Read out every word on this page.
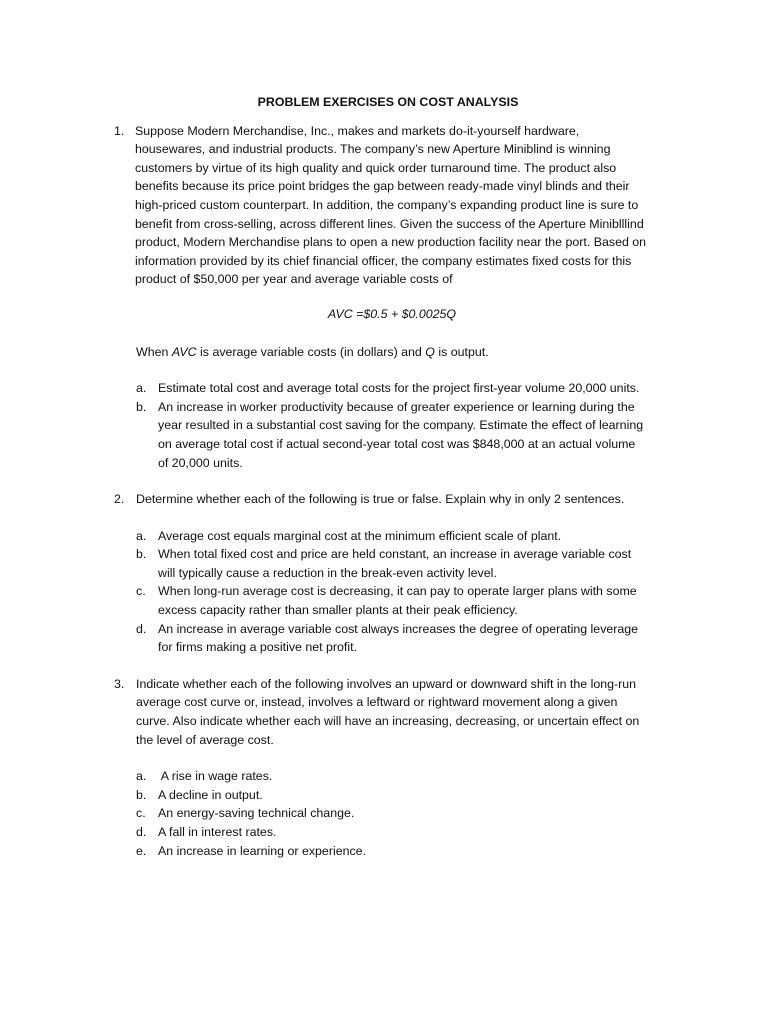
PROBLEM EXERCISES ON COST ANALYSIS
1. Suppose Modern Merchandise, Inc., makes and markets do-it-yourself hardware, housewares, and industrial products. The company’s new Aperture Miniblind is winning customers by virtue of its high quality and quick order turnaround time. The product also benefits because its price point bridges the gap between ready-made vinyl blinds and their high-priced custom counterpart. In addition, the company’s expanding product line is sure to benefit from cross-selling, across different lines. Given the success of the Aperture Miniblllind product, Modern Merchandise plans to open a new production facility near the port. Based on information provided by its chief financial officer, the company estimates fixed costs for this product of $50,000 per year and average variable costs of

AVC =$0.5 + $0.0025Q

When AVC is average variable costs (in dollars) and Q is output.

a. Estimate total cost and average total costs for the project first-year volume 20,000 units.
b. An increase in worker productivity because of greater experience or learning during the year resulted in a substantial cost saving for the company. Estimate the effect of learning on average total cost if actual second-year total cost was $848,000 at an actual volume of 20,000 units.
2. Determine whether each of the following is true or false. Explain why in only 2 sentences.

a. Average cost equals marginal cost at the minimum efficient scale of plant.
b. When total fixed cost and price are held constant, an increase in average variable cost will typically cause a reduction in the break-even activity level.
c. When long-run average cost is decreasing, it can pay to operate larger plans with some excess capacity rather than smaller plants at their peak efficiency.
d. An increase in average variable cost always increases the degree of operating leverage for firms making a positive net profit.
3. Indicate whether each of the following involves an upward or downward shift in the long-run average cost curve or, instead, involves a leftward or rightward movement along a given curve. Also indicate whether each will have an increasing, decreasing, or uncertain effect on the level of average cost.

a. A rise in wage rates.
b. A decline in output.
c. An energy-saving technical change.
d. A fall in interest rates.
e. An increase in learning or experience.
